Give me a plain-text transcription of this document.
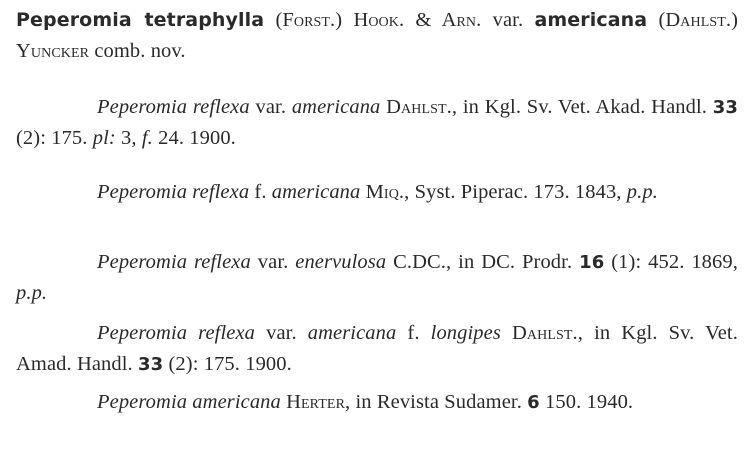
Peperomia tetraphylla (Forst.) Hook. & Arn. var. americana (Dahlst.) Yuncker comb. nov.

Peperomia reflexa var. americana Dahlst., in Kgl. Sv. Vet. Akad. Handl. 33 (2): 175. pl: 3, f. 24. 1900.

Peperomia reflexa f. americana Miq., Syst. Piperac. 173. 1843, p.p.

Peperomia reflexa var. enervulosa C.DC., in DC. Prodr. 16 (1): 452. 1869, p.p.

Peperomia reflexa var. americana f. longipes Dahlst., in Kgl. Sv. Vet. Amad. Handl. 33 (2): 175. 1900.

Peperomia americana Herter, in Revista Sudamer. 6 150. 1940.
